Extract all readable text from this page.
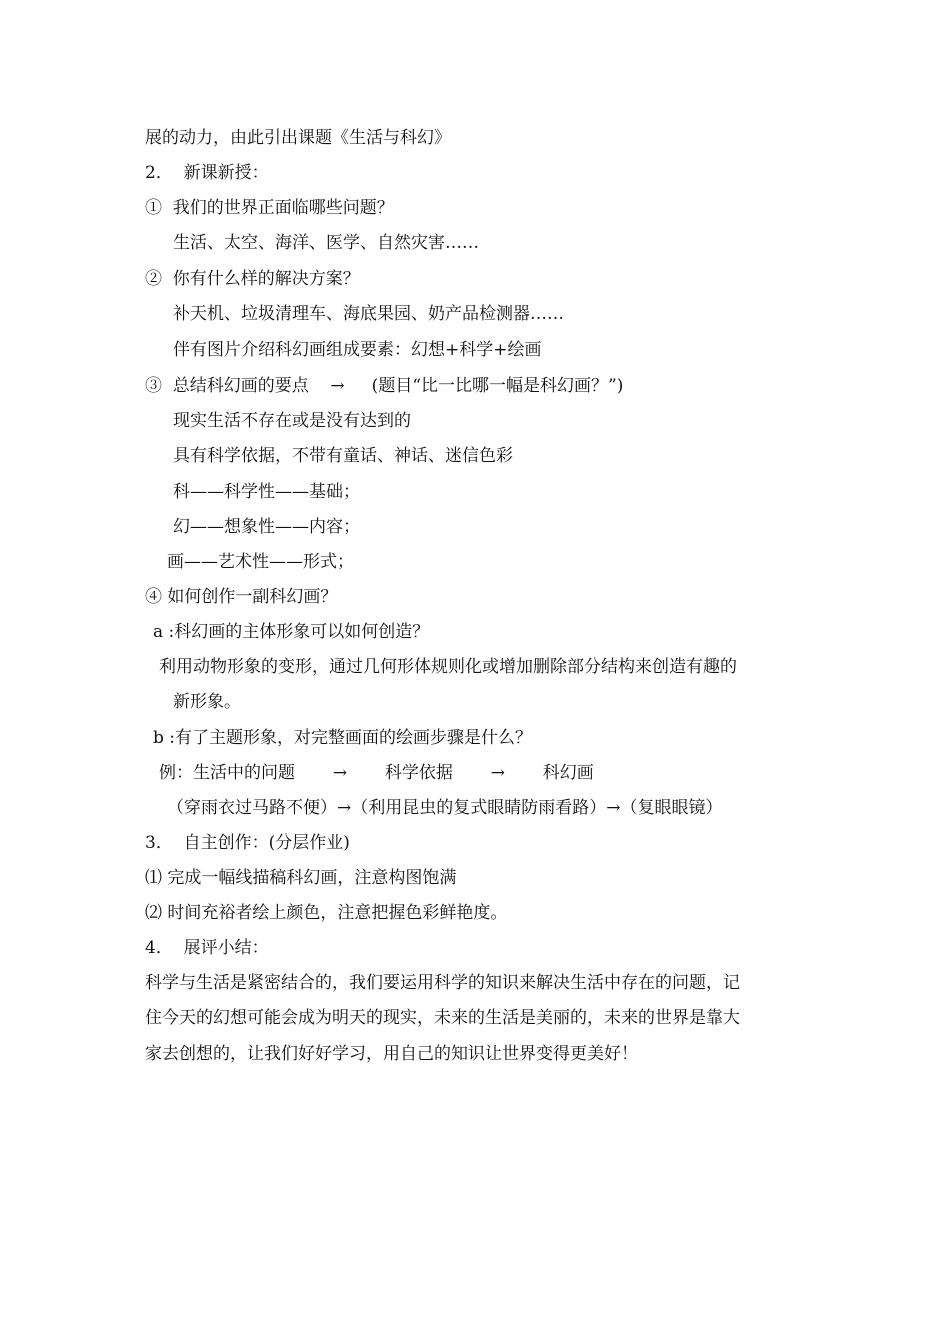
展的动力，由此引出课题《生活与科幻》
2．  新课新授：
①  我们的世界正面临哪些问题？
生活、太空、海洋、医学、自然灾害……
②  你有什么样的解决方案？
补天机、垃圾清理车、海底果园、奶产品检测器……
伴有图片介绍科幻画组成要素：幻想+科学+绘画
③  总结科幻画的要点    →     (题目“比一比哪一幅是科幻画？”)
现实生活不存在或是没有达到的
具有科学依据，不带有童话、神话、迷信色彩
科——科学性——基础；
幻——想象性——内容；
画——艺术性——形式；
④ 如何创作一副科幻画？
a :科幻画的主体形象可以如何创造？
利用动物形象的变形，通过几何形体规则化或增加删除部分结构来创造有趣的
新形象。
b :有了主题形象，对完整画面的绘画步骤是什么？
例：生活中的问题       →       科学依据       →       科幻画
（穿雨衣过马路不便）→（利用昆虫的复式眼睛防雨看路）→（复眼眼镜）
3．  自主创作：(分层作业)
⑴ 完成一幅线描稿科幻画，注意构图饱满
⑵ 时间充裕者绘上颜色，注意把握色彩鲜艳度。
4．  展评小结：
科学与生活是紧密结合的，我们要运用科学的知识来解决生活中存在的问题，记
住今天的幻想可能会成为明天的现实，未来的生活是美丽的，未来的世界是靠大
家去创想的，让我们好好学习，用自己的知识让世界变得更美好！
